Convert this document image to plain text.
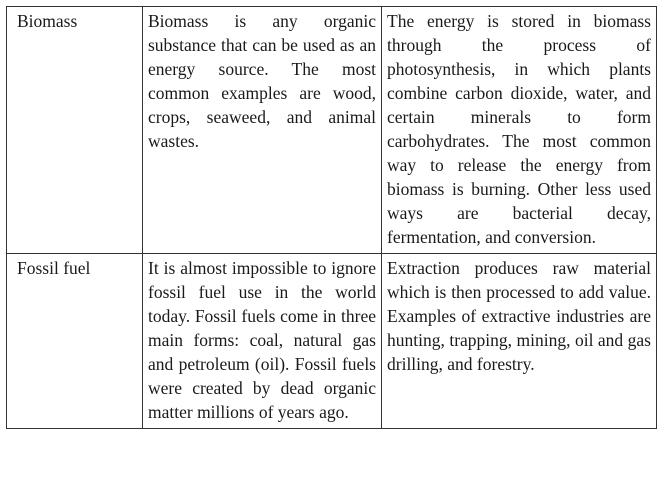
Biomass	Biomass is any organic substance that can be used as an energy source. The most common examples are wood, crops, seaweed, and animal wastes.	The energy is stored in biomass through the process of photosynthesis, in which plants combine carbon dioxide, water, and certain minerals to form carbohydrates. The most common way to release the energy from biomass is burning. Other less used ways are bacterial decay, fermentation, and conversion.
Fossil fuel	It is almost impossible to ignore fossil fuel use in the world today. Fossil fuels come in three main forms: coal, natural gas and petroleum (oil). Fossil fuels were created by dead organic matter millions of years ago.	Extraction produces raw material which is then processed to add value. Examples of extractive industries are hunting, trapping, mining, oil and gas drilling, and forestry.
